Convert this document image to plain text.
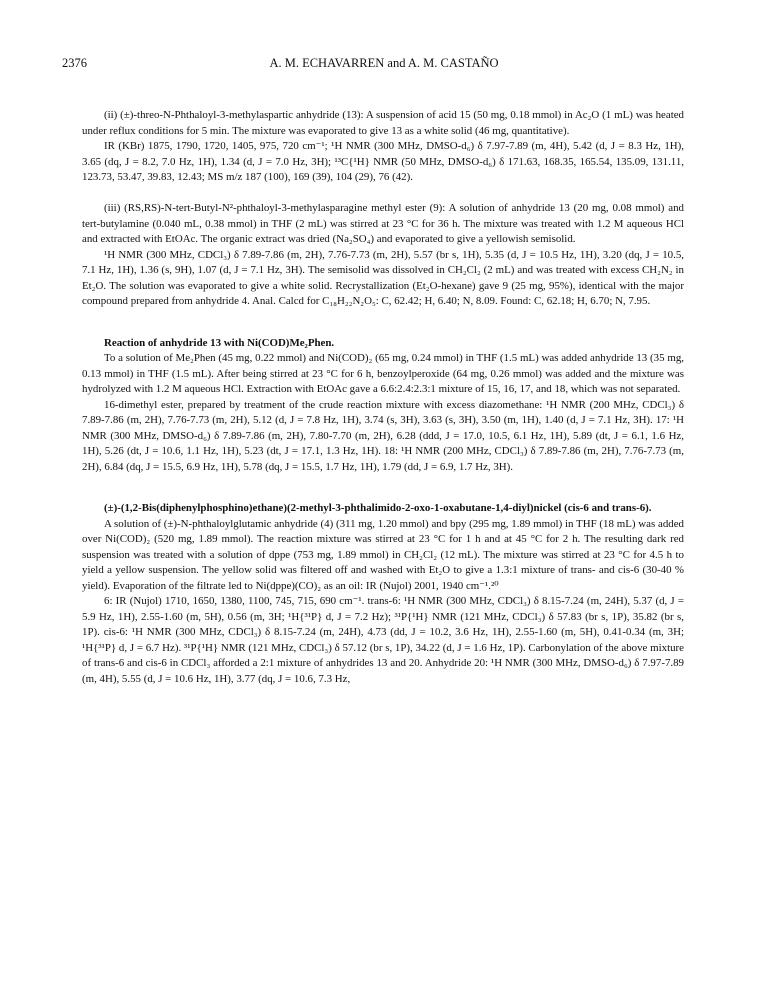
2376	A. M. ECHAVARREN and A. M. CASTAÑO

(ii) (±)-threo-N-Phthaloyl-3-methylaspartic anhydride (13): A suspension of acid 15 (50 mg, 0.18 mmol) in Ac₂O (1 mL) was heated under reflux conditions for 5 min. The mixture was evaporated to give 13 as a white solid (46 mg, quantitative).

IR (KBr) 1875, 1790, 1720, 1405, 975, 720 cm⁻¹; ¹H NMR (300 MHz, DMSO-d₆) δ 7.97-7.89 (m, 4H), 5.42 (d, J = 8.3 Hz, 1H), 3.65 (dq, J = 8.2, 7.0 Hz, 1H), 1.34 (d, J = 7.0 Hz, 3H); ¹³C{¹H} NMR (50 MHz, DMSO-d₆) δ 171.63, 168.35, 165.54, 135.09, 131.11, 123.73, 53.47, 39.83, 12.43; MS m/z 187 (100), 169 (39), 104 (29), 76 (42).

(iii) (RS,RS)-N-tert-Butyl-N²-phthaloyl-3-methylasparagine methyl ester (9): A solution of anhydride 13 (20 mg, 0.08 mmol) and tert-butylamine (0.040 mL, 0.38 mmol) in THF (2 mL) was stirred at 23 °C for 36 h. The mixture was treated with 1.2 M aqueous HCl and extracted with EtOAc. The organic extract was dried (Na₂SO₄) and evaporated to give a yellowish semisolid.

¹H NMR (300 MHz, CDCl₃) δ 7.89-7.86 (m, 2H), 7.76-7.73 (m, 2H), 5.57 (br s, 1H), 5.35 (d, J = 10.5 Hz, 1H), 3.20 (dq, J = 10.5, 7.1 Hz, 1H), 1.36 (s, 9H), 1.07 (d, J = 7.1 Hz, 3H). The semisolid was dissolved in CH₂Cl₂ (2 mL) and was treated with excess CH₂N₂ in Et₂O. The solution was evaporated to give a white solid. Recrystallization (Et₂O-hexane) gave 9 (25 mg, 95%), identical with the major compound prepared from anhydride 4. Anal. Calcd for C₁₈H₂₂N₂O₅: C, 62.42; H, 6.40; N, 8.09. Found: C, 62.18; H, 6.70; N, 7.95.

Reaction of anhydride 13 with Ni(COD)Me₂Phen.

To a solution of Me₂Phen (45 mg, 0.22 mmol) and Ni(COD)₂ (65 mg, 0.24 mmol) in THF (1.5 mL) was added anhydride 13 (35 mg, 0.13 mmol) in THF (1.5 mL). After being stirred at 23 °C for 6 h, benzoylperoxide (64 mg, 0.26 mmol) was added and the mixture was hydrolyzed with 1.2 M aqueous HCl. Extraction with EtOAc gave a 6.6:2.4:2.3:1 mixture of 15, 16, 17, and 18, which was not separated.

16-dimethyl ester, prepared by treatment of the crude reaction mixture with excess diazomethane: ¹H NMR (200 MHz, CDCl₃) δ 7.89-7.86 (m, 2H), 7.76-7.73 (m, 2H), 5.12 (d, J = 7.8 Hz, 1H), 3.74 (s, 3H), 3.63 (s, 3H), 3.50 (m, 1H), 1.40 (d, J = 7.1 Hz, 3H). 17: ¹H NMR (300 MHz, DMSO-d₆) δ 7.89-7.86 (m, 2H), 7.80-7.70 (m, 2H), 6.28 (ddd, J = 17.0, 10.5, 6.1 Hz, 1H), 5.89 (dt, J = 6.1, 1.6 Hz, 1H), 5.26 (dt, J = 10.6, 1.1 Hz, 1H), 5.23 (dt, J = 17.1, 1.3 Hz, 1H). 18: ¹H NMR (200 MHz, CDCl₃) δ 7.89-7.86 (m, 2H), 7.76-7.73 (m, 2H), 6.84 (dq, J = 15.5, 6.9 Hz, 1H), 5.78 (dq, J = 15.5, 1.7 Hz, 1H), 1.79 (dd, J = 6.9, 1.7 Hz, 3H).

(±)-(1,2-Bis(diphenylphosphino)ethane)(2-methyl-3-phthalimido-2-oxo-1-oxabutane-1,4-diyl)nickel (cis-6 and trans-6).

A solution of (±)-N-phthaloylglutamic anhydride (4) (311 mg, 1.20 mmol) and bpy (295 mg, 1.89 mmol) in THF (18 mL) was added over Ni(COD)₂ (520 mg, 1.89 mmol). The reaction mixture was stirred at 23 °C for 1 h and at 45 °C for 2 h. The resulting dark red suspension was treated with a solution of dppe (753 mg, 1.89 mmol) in CH₂Cl₂ (12 mL). The mixture was stirred at 23 °C for 4.5 h to yield a yellow suspension. The yellow solid was filtered off and washed with Et₂O to give a 1.3:1 mixture of trans- and cis-6 (30-40 % yield). Evaporation of the filtrate led to Ni(dppe)(CO)₂ as an oil: IR (Nujol) 2001, 1940 cm⁻¹.²⁰

6: IR (Nujol) 1710, 1650, 1380, 1100, 745, 715, 690 cm⁻¹. trans-6: ¹H NMR (300 MHz, CDCl₃) δ 8.15-7.24 (m, 24H), 5.37 (d, J = 5.9 Hz, 1H), 2.55-1.60 (m, 5H), 0.56 (m, 3H; ¹H{³¹P} d, J = 7.2 Hz); ³¹P{¹H} NMR (121 MHz, CDCl₃) δ 57.83 (br s, 1P), 35.82 (br s, 1P). cis-6: ¹H NMR (300 MHz, CDCl₃) δ 8.15-7.24 (m, 24H), 4.73 (dd, J = 10.2, 3.6 Hz, 1H), 2.55-1.60 (m, 5H), 0.41-0.34 (m, 3H; ¹H{³¹P} d, J = 6.7 Hz). ³¹P{¹H} NMR (121 MHz, CDCl₃) δ 57.12 (br s, 1P), 34.22 (d, J = 1.6 Hz, 1P). Carbonylation of the above mixture of trans-6 and cis-6 in CDCl₃ afforded a 2:1 mixture of anhydrides 13 and 20. Anhydride 20: ¹H NMR (300 MHz, DMSO-d₆) δ 7.97-7.89 (m, 4H), 5.55 (d, J = 10.6 Hz, 1H), 3.77 (dq, J = 10.6, 7.3 Hz,
